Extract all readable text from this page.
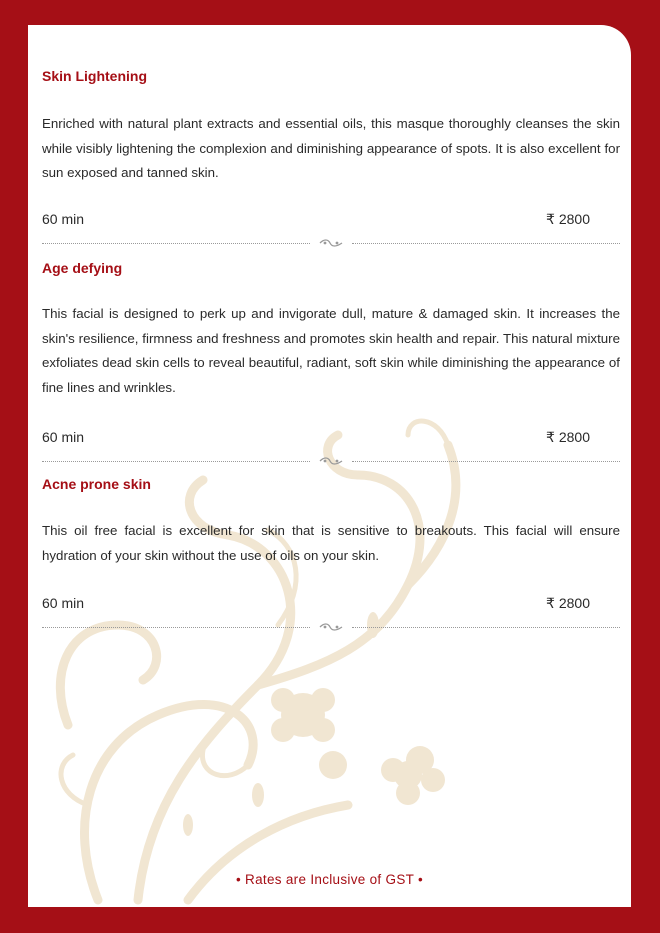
Skin Lightening

Enriched with natural plant extracts and essential oils, this masque thoroughly cleanses the skin while visibly lightening the complexion and diminishing appearance of spots. It is also excellent for sun exposed and tanned skin.

60 min	₹ 2800
Age defying

This facial is designed to perk up and invigorate dull, mature & damaged skin. It increases the skin's resilience, firmness and freshness and promotes skin health and repair. This natural mixture exfoliates dead skin cells to reveal beautiful, radiant, soft skin while diminishing the appearance of fine lines and wrinkles.

60 min	₹ 2800
Acne prone skin

This oil free facial is excellent for skin that is sensitive to breakouts. This facial will ensure hydration of your skin without the use of oils on your skin.

60 min	₹ 2800
• Rates are Inclusive of GST •
